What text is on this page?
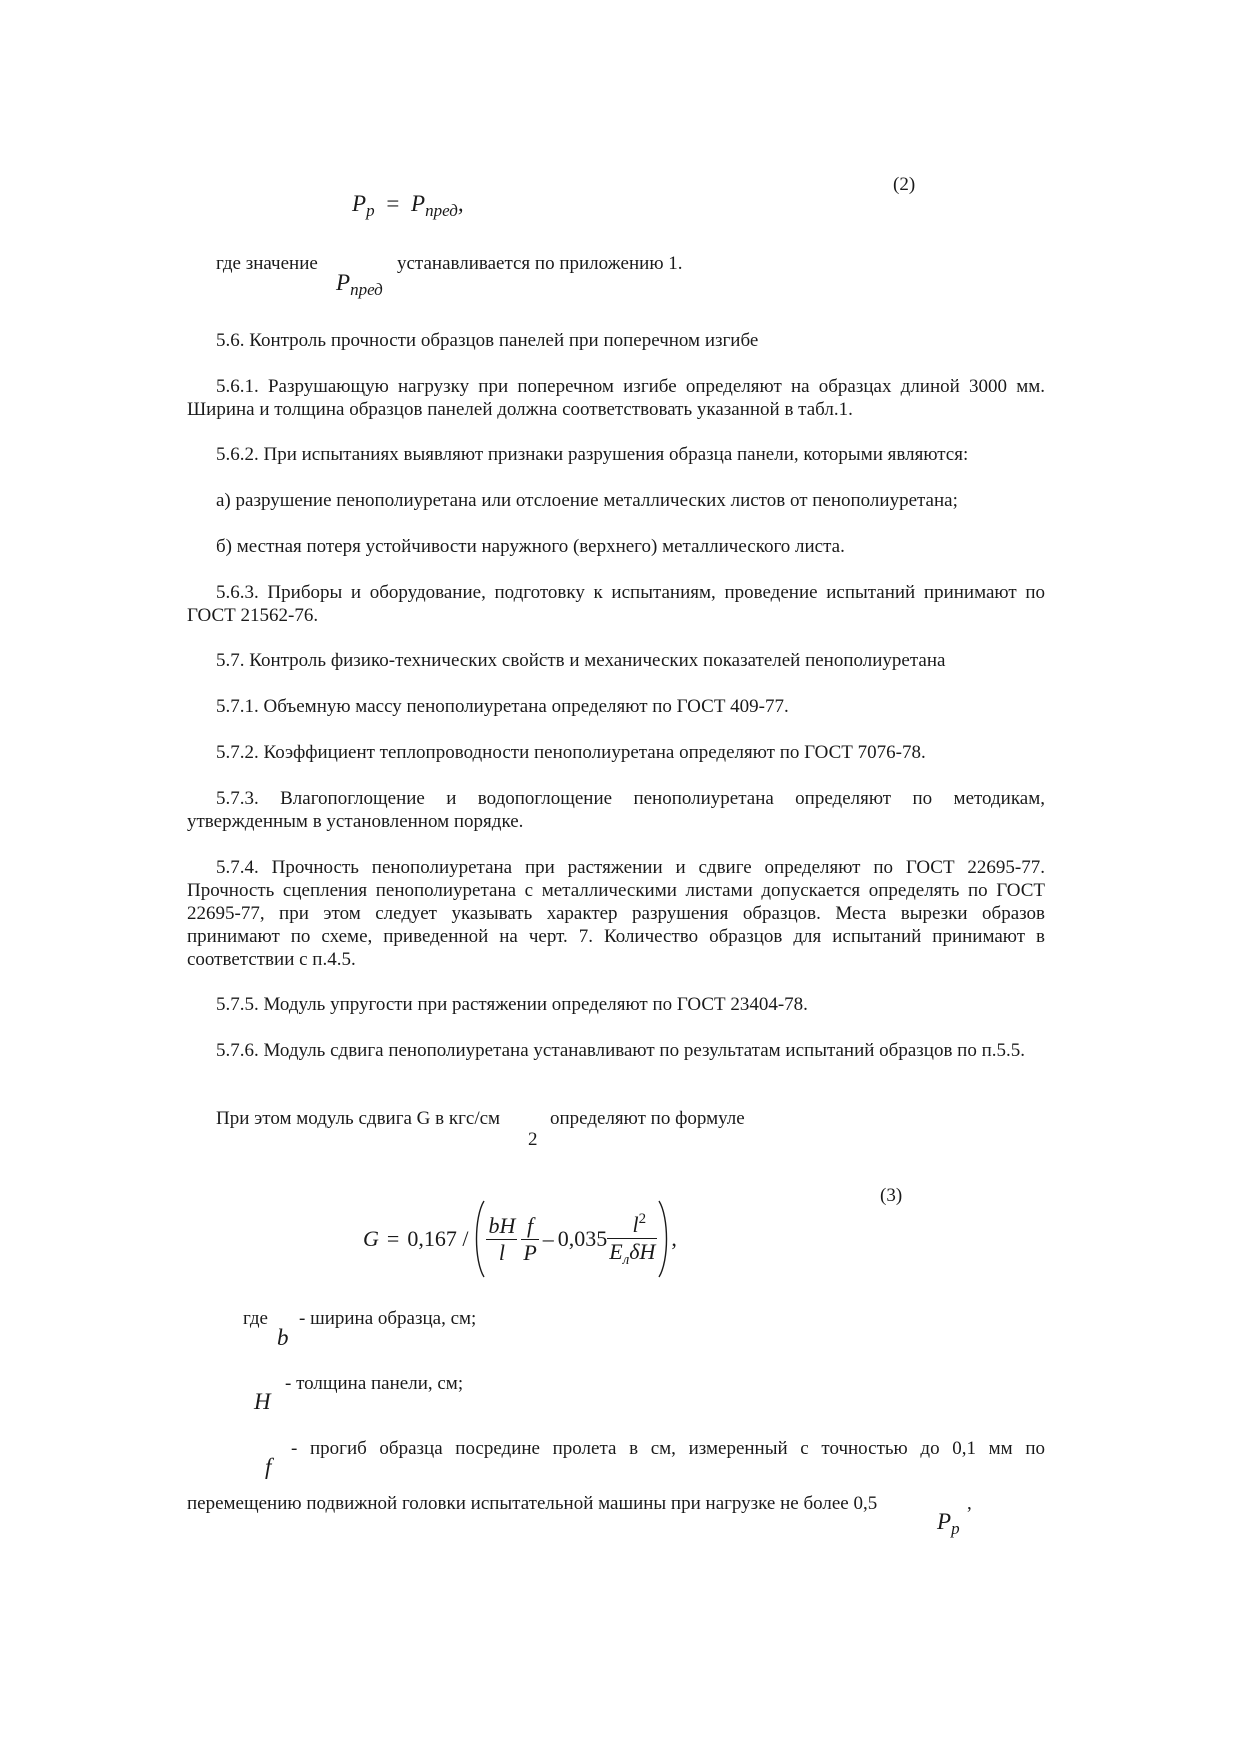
(2)
$P_р = P_{пред}$,
где значение
$P_{пред}$
устанавливается по приложению 1.
5.6. Контроль прочности образцов панелей при поперечном изгибе
5.6.1. Разрушающую нагрузку при поперечном изгибе определяют на образцах длиной 3000 мм. Ширина и толщина образцов панелей должна соответствовать указанной в табл.1.
5.6.2. При испытаниях выявляют признаки разрушения образца панели, которыми являются:
а) разрушение пенополиуретана или отслоение металлических листов от пенополиуретана;
б) местная потеря устойчивости наружного (верхнего) металлического листа.
5.6.3. Приборы и оборудование, подготовку к испытаниям, проведение испытаний принимают по ГОСТ 21562-76.
5.7. Контроль физико-технических свойств и механических показателей пенополиуретана
5.7.1. Объемную массу пенополиуретана определяют по ГОСТ 409-77.
5.7.2. Коэффициент теплопроводности пенополиуретана определяют по ГОСТ 7076-78.
5.7.3. Влагопоглощение и водопоглощение пенополиуретана определяют по методикам, утвержденным в установленном порядке.
5.7.4. Прочность пенополиуретана при растяжении и сдвиге определяют по ГОСТ 22695-77. Прочность сцепления пенополиуретана с металлическими листами допускается определять по ГОСТ 22695-77, при этом следует указывать характер разрушения образцов. Места вырезки образов принимают по схеме, приведенной на черт. 7. Количество образцов для испытаний принимают в соответствии с п.4.5.
5.7.5. Модуль упругости при растяжении определяют по ГОСТ 23404-78.
5.7.6. Модуль сдвига пенополиуретана устанавливают по результатам испытаний образцов по п.5.5.
При этом модуль сдвига G в кгс/см
2
определяют по формуле
(3)
$G = 0,167 / \frac{bH}{l} \frac{f}{P} - 0,035 \frac{l^2}{E_л\delta H}$ ,
где
b
- ширина образца, см;
H
- толщина панели, см;
f
- прогиб образца посредине пролета в см, измеренный с точностью до 0,1 мм по
перемещению подвижной головки испытательной машины при нагрузке не более 0,5
$P_р$
,
